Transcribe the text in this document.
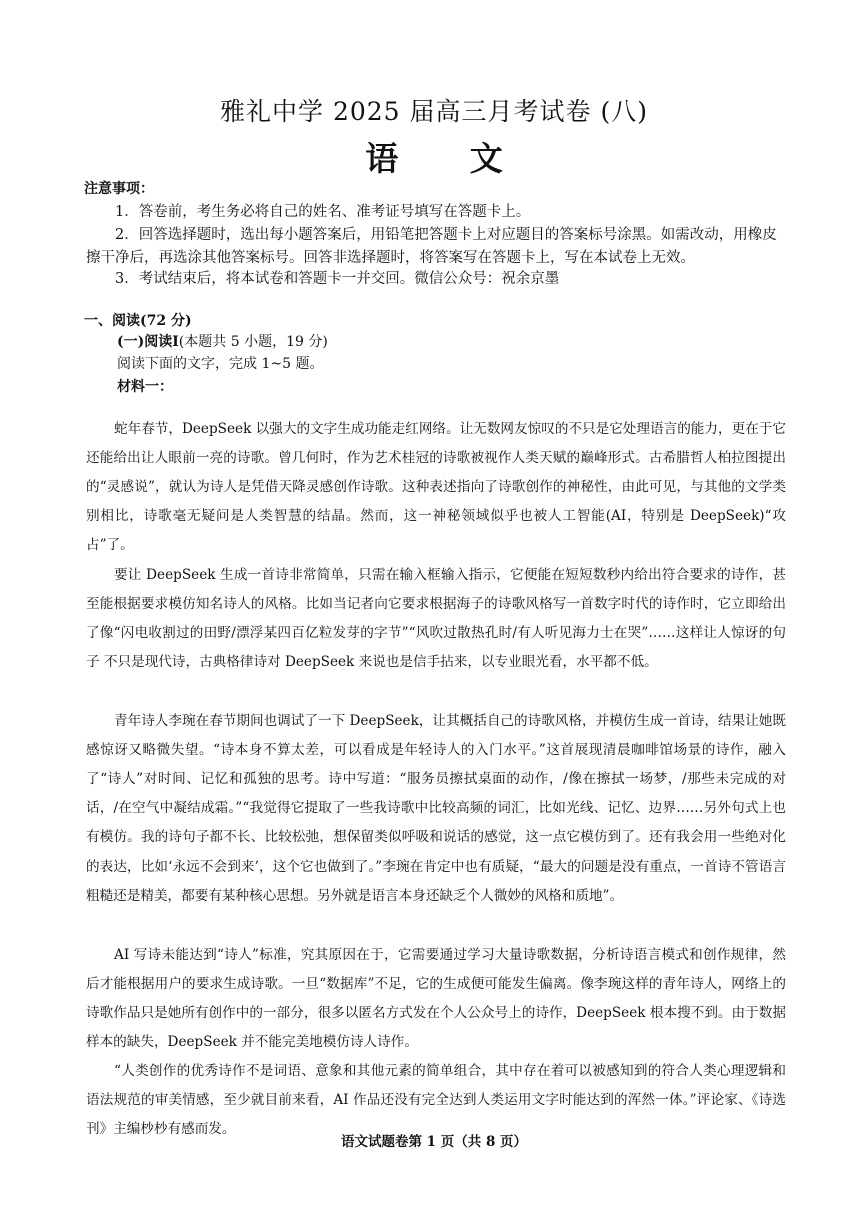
雅礼中学 2025 届高三月考试卷 (八)
语 文
注意事项：
1．答卷前，考生务必将自己的姓名、准考证号填写在答题卡上。
2．回答选择题时，选出每小题答案后，用铅笔把答题卡上对应题目的答案标号涂黑。如需改动，用橡皮擦干净后，再选涂其他答案标号。回答非选择题时，将答案写在答题卡上，写在本试卷上无效。
3．考试结束后，将本试卷和答题卡一并交回。微信公众号：祝余京墨
一、阅读(72 分)
(一)阅读Ⅰ(本题共 5 小题，19 分)
阅读下面的文字，完成 1~5 题。
材料一：

蛇年春节，DeepSeek 以强大的文字生成功能走红网络。让无数网友惊叹的不只是它处理语言的能力，更在于它还能给出让人眼前一亮的诗歌。曾几何时，作为艺术桂冠的诗歌被视作人类天赋的巅峰形式。古希腊哲人柏拉图提出的“灵感说”，就认为诗人是凭借天降灵感创作诗歌。这种表述指向了诗歌创作的神秘性，由此可见，与其他的文学类别相比，诗歌毫无疑问是人类智慧的结晶。然而，这一神秘领域似乎也被人工智能(AI，特别是 DeepSeek)“攻占”了。

要让 DeepSeek 生成一首诗非常简单，只需在输入框输入指示，它便能在短短数秒内给出符合要求的诗作，甚至能根据要求模仿知名诗人的风格。比如当记者向它要求根据海子的诗歌风格写一首数字时代的诗作时，它立即给出了像“闪电收割过的田野/漂浮某四百亿粒发芽的字节”“风吹过散热孔时/有人听见海力士在哭”……这样让人惊讶的句子 不只是现代诗，古典格律诗对 DeepSeek 来说也是信手拈来，以专业眼光看，水平都不低。

青年诗人李琬在春节期间也调试了一下 DeepSeek，让其概括自己的诗歌风格，并模仿生成一首诗，结果让她既感惊讶又略微失望。“诗本身不算太差，可以看成是年轻诗人的入门水平。”这首展现清晨咖啡馆场景的诗作，融入了“诗人”对时间、记忆和孤独的思考。诗中写道：“服务员擦拭桌面的动作，/像在擦拭一场梦，/那些未完成的对话，/在空气中凝结成霜。”“我觉得它提取了一些我诗歌中比较高频的词汇，比如光线、记忆、边界……另外句式上也有模仿。我的诗句子都不长、比较松弛，想保留类似呼吸和说话的感觉，这一点它模仿到了。还有我会用一些绝对化的表达，比如‘永远不会到来’，这个它也做到了。”李琬在肯定中也有质疑，“最大的问题是没有重点，一首诗不管语言粗糙还是精美，都要有某种核心思想。另外就是语言本身还缺乏个人微妙的风格和质地”。

AI 写诗未能达到“诗人”标准，究其原因在于，它需要通过学习大量诗歌数据，分析诗语言模式和创作规律，然后才能根据用户的要求生成诗歌。一旦“数据库”不足，它的生成便可能发生偏离。像李琬这样的青年诗人，网络上的诗歌作品只是她所有创作中的一部分，很多以匿名方式发在个人公众号上的诗作，DeepSeek 根本搜不到。由于数据样本的缺失，DeepSeek 并不能完美地模仿诗人诗作。

“人类创作的优秀诗作不是词语、意象和其他元素的简单组合，其中存在着可以被感知到的符合人类心理逻辑和语法规范的审美情感，至少就目前来看，AI 作品还没有完全达到人类运用文字时能达到的浑然一体。”评论家、《诗选刊》主编杪杪有感而发。

语文试题卷第 1 页（共 8 页）
